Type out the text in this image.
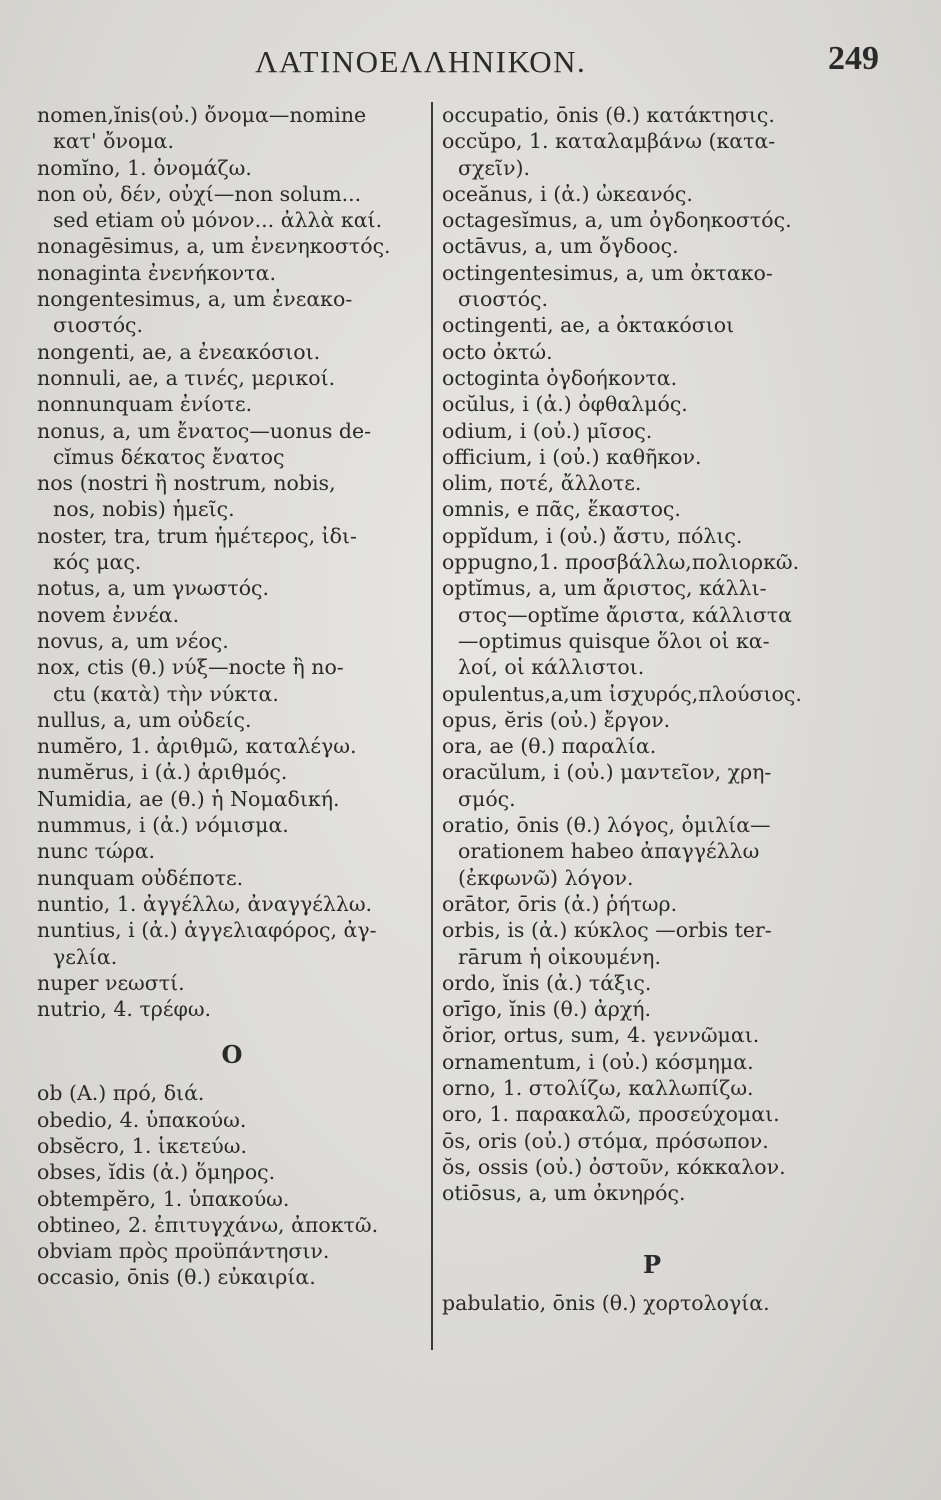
ΛΑΤΙΝΟΕΛΛΗΝΙΚΟΝ.	249
nomen,ĭnis(οὐ.) ὄνομα—nomine
κατ' ὄνομα.
nomĭno, 1. ὀνομάζω.
non οὐ, δέν, οὐχί—non solum...
sed etiam οὐ μόνον... ἀλλὰ καί.
nonagēsimus, a, um ἐνενηκοστός.
nonaginta ἐνενήκοντα.
nongentesimus, a, um ἐνεακο-
σιοστός.
nongenti, ae, a ἐνεακόσιοι.
nonnuli, ae, a τινές, μερικοί.
nonnunquam ἐνίοτε.
nonus, a, um ἔνατος—uonus de-
cĭmus δέκατος ἔνατος
nos (nostri ἢ nostrum, nobis,
nos, nobis) ἡμεῖς.
noster, tra, trum ἡμέτερος, ἰδι-
κός μας.
notus, a, um γνωστός.
novem ἐννέα.
novus, a, um νέος.
nox, ctis (θ.) νύξ—nocte ἢ no-
ctu (κατὰ) τὴν νύκτα.
nullus, a, um οὐδείς.
numĕro, 1. ἀριθμῶ, καταλέγω.
numĕrus, i (ἀ.) ἀριθμός.
Numidia, ae (θ.) ἡ Νομαδική.
nummus, i (ἀ.) νόμισμα.
nunc τώρα.
nunquam οὐδέποτε.
nuntio, 1. ἀγγέλλω, ἀναγγέλλω.
nuntius, i (ἀ.) ἀγγελιαφόρος, ἀγ-
γελία.
nuper νεωστί.
nutrio, 4. τρέφω.
O
ob (A.) πρό, διά.
obedio, 4. ὑπακούω.
obsĕcro, 1. ἱκετεύω.
obses, ĭdis (ἀ.) ὅμηρος.
obtempĕro, 1. ὑπακούω.
obtineo, 2. ἐπιτυγχάνω, ἀποκτῶ.
obviam πρὸς προϋπάντησιν.
occasio, ōnis (θ.) εὐκαιρία.
occupatio, ōnis (θ.) κατάκτησις.
occŭpo, 1. καταλαμβάνω (κατα-
σχεῖν).
oceănus, i (ἀ.) ὠκεανός.
octagesĭmus, a, um ὀγδοηκοστός.
octāvus, a, um ὄγδοος.
octingentesimus, a, um ὀκτακο-
σιοστός.
octingenti, ae, a ὀκτακόσιοι
octo ὀκτώ.
octoginta ὀγδοήκοντα.
ocŭlus, i (ἀ.) ὀφθαλμός.
odium, i (οὐ.) μῖσος.
officium, i (οὐ.) καθῆκον.
olim, ποτέ, ἄλλοτε.
omnis, e πᾶς, ἕκαστος.
oppĭdum, i (οὐ.) ἄστυ, πόλις.
oppugno,1. προσβάλλω,πολιορκῶ.
optĭmus, a, um ἄριστος, κάλλι-
στος—optĭme ἄριστα, κάλλιστα
—optimus quisque ὅλοι οἱ κα-
λοί, οἱ κάλλιστοι.
opulentus,a,um ἰσχυρός,πλούσιος.
opus, ĕris (οὐ.) ἔργον.
ora, ae (θ.) παραλία.
oracŭlum, i (οὐ.) μαντεῖον, χρη-
σμός.
oratio, ōnis (θ.) λόγος, ὁμιλία—
orationem habeo ἀπαγγέλλω
(ἐκφωνῶ) λόγον.
orātor, ōris (ἀ.) ῥήτωρ.
orbis, is (ἀ.) κύκλος —orbis ter-
rārum ἡ οἰκουμένη.
ordo, ĭnis (ἀ.) τάξις.
orīgo, ĭnis (θ.) ἀρχή.
ŏrior, ortus, sum, 4. γεννῶμαι.
ornamentum, i (οὐ.) κόσμημα.
orno, 1. στολίζω, καλλωπίζω.
oro, 1. παρακαλῶ, προσεύχομαι.
ōs, oris (οὐ.) στόμα, πρόσωπον.
ŏs, ossis (οὐ.) ὀστοῦν, κόκκαλον.
otiōsus, a, um ὀκνηρός.
P
pabulatio, ōnis (θ.) χορτολογία.
